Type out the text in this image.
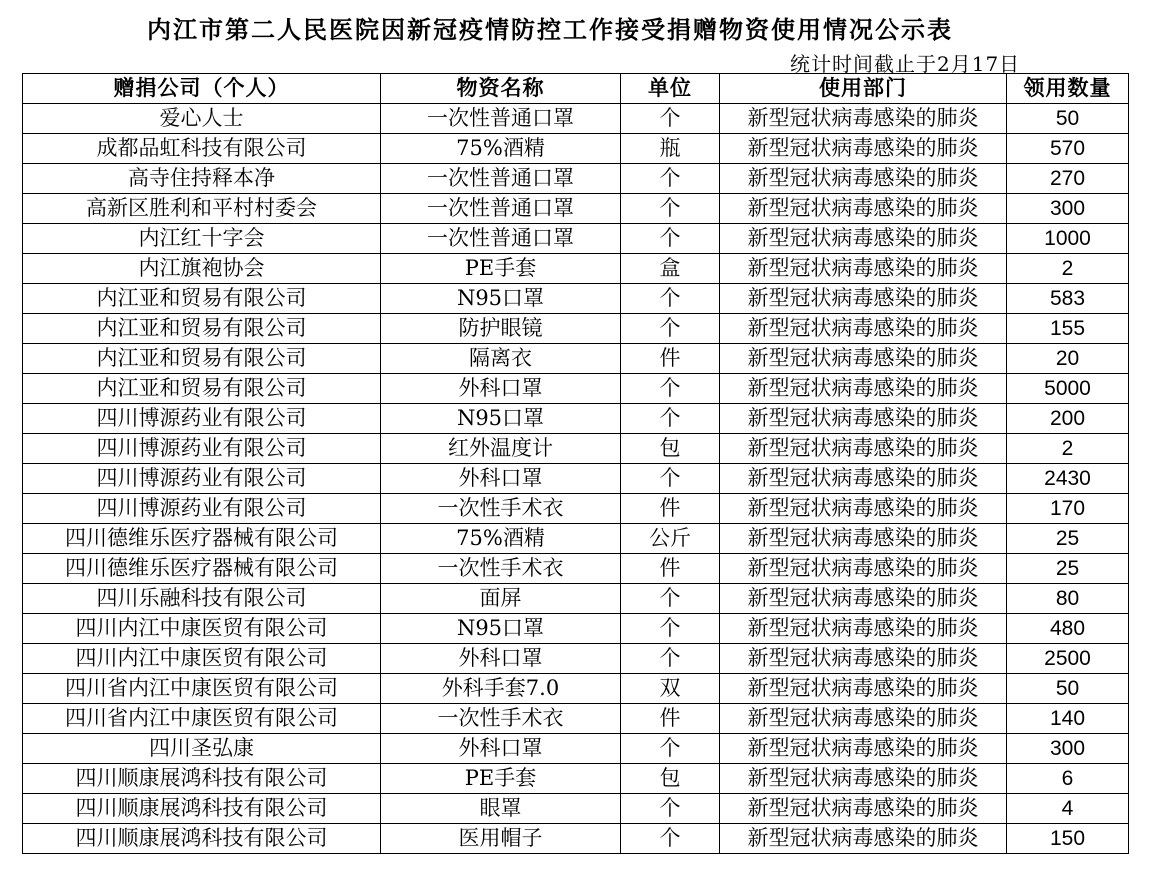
内江市第二人民医院因新冠疫情防控工作接受捐赠物资使用情况公示表
统计时间截止于2月17日
赠捐公司（个人）	物资名称	单位	使用部门	领用数量
爱心人士	一次性普通口罩	个	新型冠状病毒感染的肺炎	50
成都品虹科技有限公司	75%酒精	瓶	新型冠状病毒感染的肺炎	570
高寺住持释本净	一次性普通口罩	个	新型冠状病毒感染的肺炎	270
高新区胜利和平村村委会	一次性普通口罩	个	新型冠状病毒感染的肺炎	300
内江红十字会	一次性普通口罩	个	新型冠状病毒感染的肺炎	1000
内江旗袍协会	PE手套	盒	新型冠状病毒感染的肺炎	2
内江亚和贸易有限公司	N95口罩	个	新型冠状病毒感染的肺炎	583
内江亚和贸易有限公司	防护眼镜	个	新型冠状病毒感染的肺炎	155
内江亚和贸易有限公司	隔离衣	件	新型冠状病毒感染的肺炎	20
内江亚和贸易有限公司	外科口罩	个	新型冠状病毒感染的肺炎	5000
四川博源药业有限公司	N95口罩	个	新型冠状病毒感染的肺炎	200
四川博源药业有限公司	红外温度计	包	新型冠状病毒感染的肺炎	2
四川博源药业有限公司	外科口罩	个	新型冠状病毒感染的肺炎	2430
四川博源药业有限公司	一次性手术衣	件	新型冠状病毒感染的肺炎	170
四川德维乐医疗器械有限公司	75%酒精	公斤	新型冠状病毒感染的肺炎	25
四川德维乐医疗器械有限公司	一次性手术衣	件	新型冠状病毒感染的肺炎	25
四川乐融科技有限公司	面屏	个	新型冠状病毒感染的肺炎	80
四川内江中康医贸有限公司	N95口罩	个	新型冠状病毒感染的肺炎	480
四川内江中康医贸有限公司	外科口罩	个	新型冠状病毒感染的肺炎	2500
四川省内江中康医贸有限公司	外科手套7.0	双	新型冠状病毒感染的肺炎	50
四川省内江中康医贸有限公司	一次性手术衣	件	新型冠状病毒感染的肺炎	140
四川圣弘康	外科口罩	个	新型冠状病毒感染的肺炎	300
四川顺康展鸿科技有限公司	PE手套	包	新型冠状病毒感染的肺炎	6
四川顺康展鸿科技有限公司	眼罩	个	新型冠状病毒感染的肺炎	4
四川顺康展鸿科技有限公司	医用帽子	个	新型冠状病毒感染的肺炎	150
